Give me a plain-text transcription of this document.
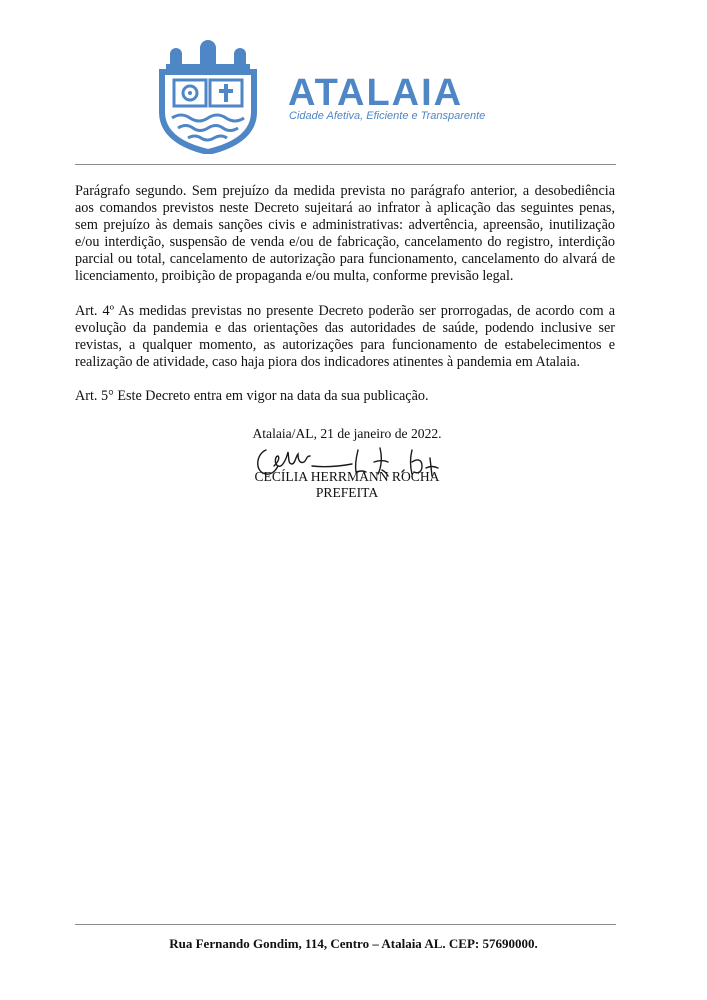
ATALAIA
Cidade Afetiva, Eficiente e Transparente

Parágrafo segundo. Sem prejuízo da medida prevista no parágrafo anterior, a desobediência aos comandos previstos neste Decreto sujeitará ao infrator à aplicação das seguintes penas, sem prejuízo às demais sanções civis e administrativas: advertência, apreensão, inutilização e/ou interdição, suspensão de venda e/ou de fabricação, cancelamento do registro, interdição parcial ou total, cancelamento de autorização para funcionamento, cancelamento do alvará de licenciamento, proibição de propaganda e/ou multa, conforme previsão legal.

Art. 4º As medidas previstas no presente Decreto poderão ser prorrogadas, de acordo com a evolução da pandemia e das orientações das autoridades de saúde, podendo inclusive ser revistas, a qualquer momento, as autorizações para funcionamento de estabelecimentos e realização de atividade, caso haja piora dos indicadores atinentes à pandemia em Atalaia.

Art. 5° Este Decreto entra em vigor na data da sua publicação.

Atalaia/AL, 21 de janeiro de 2022.
CECÍLIA HERRMANN ROCHA
PREFEITA
Rua Fernando Gondim, 114, Centro – Atalaia AL. CEP: 57690000.
